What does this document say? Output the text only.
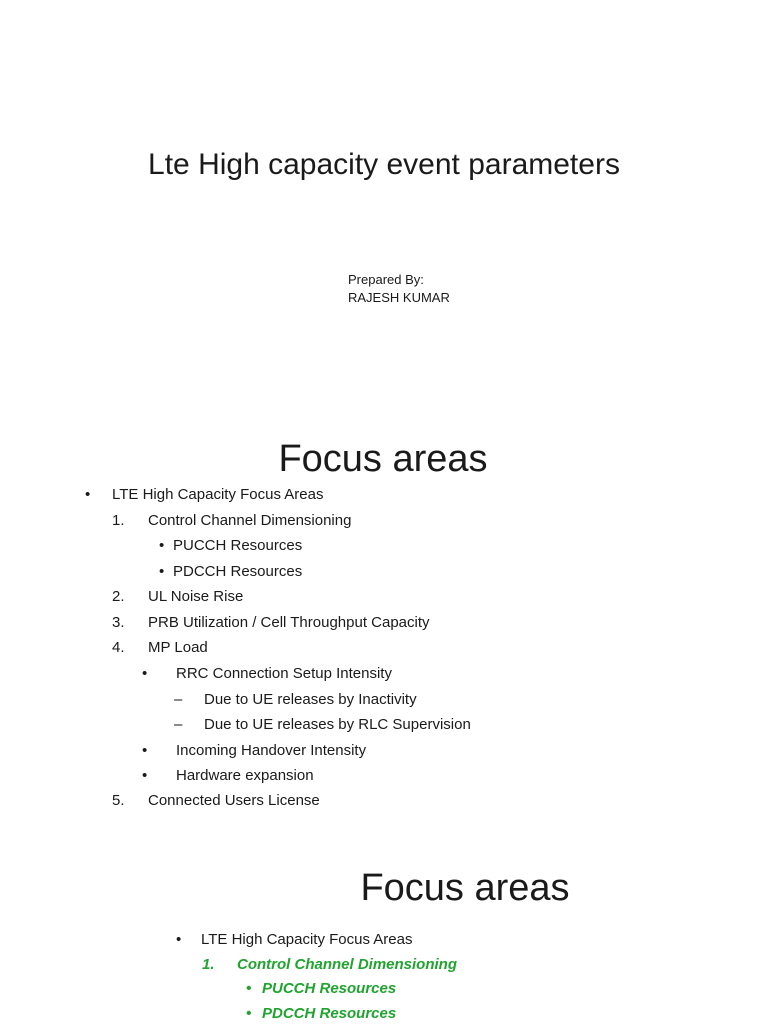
Lte High capacity event parameters
Prepared By:
RAJESH KUMAR
Focus areas
• LTE High Capacity Focus Areas
1. Control Channel Dimensioning
• PUCCH Resources
• PDCCH Resources
2. UL Noise Rise
3. PRB Utilization / Cell Throughput Capacity
4. MP Load
• RRC Connection Setup Intensity
– Due to UE releases by Inactivity
– Due to UE releases by RLC Supervision
• Incoming Handover Intensity
• Hardware expansion
5. Connected Users License
Focus areas
• LTE High Capacity Focus Areas
1. Control Channel Dimensioning
• PUCCH Resources
• PDCCH Resources
